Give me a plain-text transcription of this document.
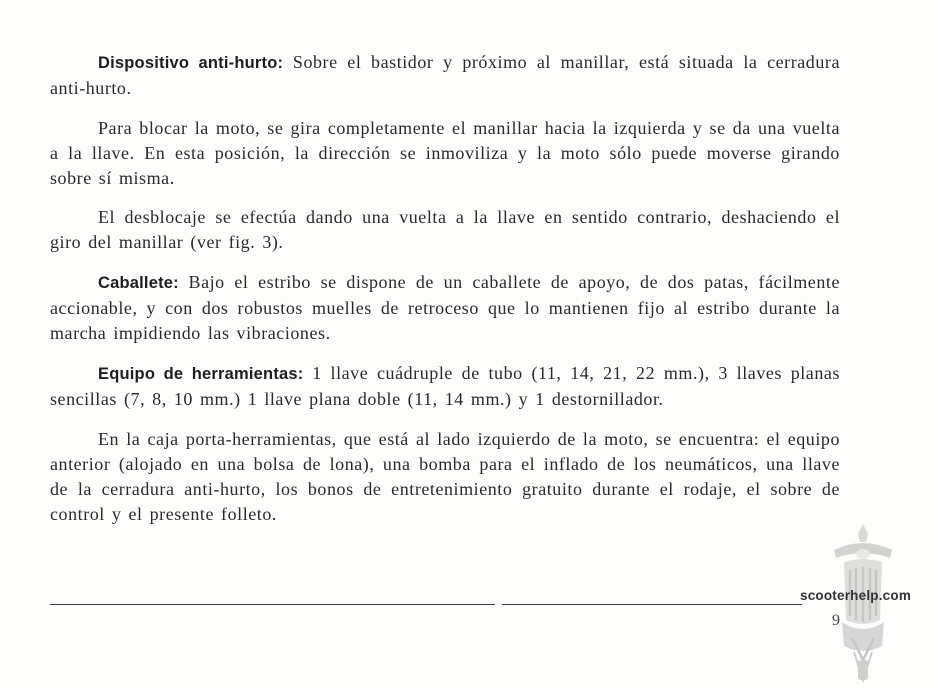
Dispositivo anti-hurto: Sobre el bastidor y próximo al manillar, está situada la cerradura anti-hurto.

Para blocar la moto, se gira completamente el manillar hacia la izquierda y se da una vuelta a la llave. En esta posición, la dirección se inmoviliza y la moto sólo puede moverse girando sobre sí misma.

El desblocaje se efectúa dando una vuelta a la llave en sentido contrario, deshaciendo el giro del manillar (ver fig. 3).

Caballete: Bajo el estribo se dispone de un caballete de apoyo, de dos patas, fácilmente accionable, y con dos robustos muelles de retroceso que lo mantienen fijo al estribo durante la marcha impidiendo las vibraciones.

Equipo de herramientas: 1 llave cuádruple de tubo (11, 14, 21, 22 mm.), 3 llaves planas sencillas (7, 8, 10 mm.) 1 llave plana doble (11, 14 mm.) y 1 destornillador.

En la caja porta-herramientas, que está al lado izquierdo de la moto, se encuentra: el equipo anterior (alojado en una bolsa de lona), una bomba para el inflado de los neumáticos, una llave de la cerradura anti-hurto, los bonos de entretenimiento gratuito durante el rodaje, el sobre de control y el presente folleto.

scooterhelp.com
9
